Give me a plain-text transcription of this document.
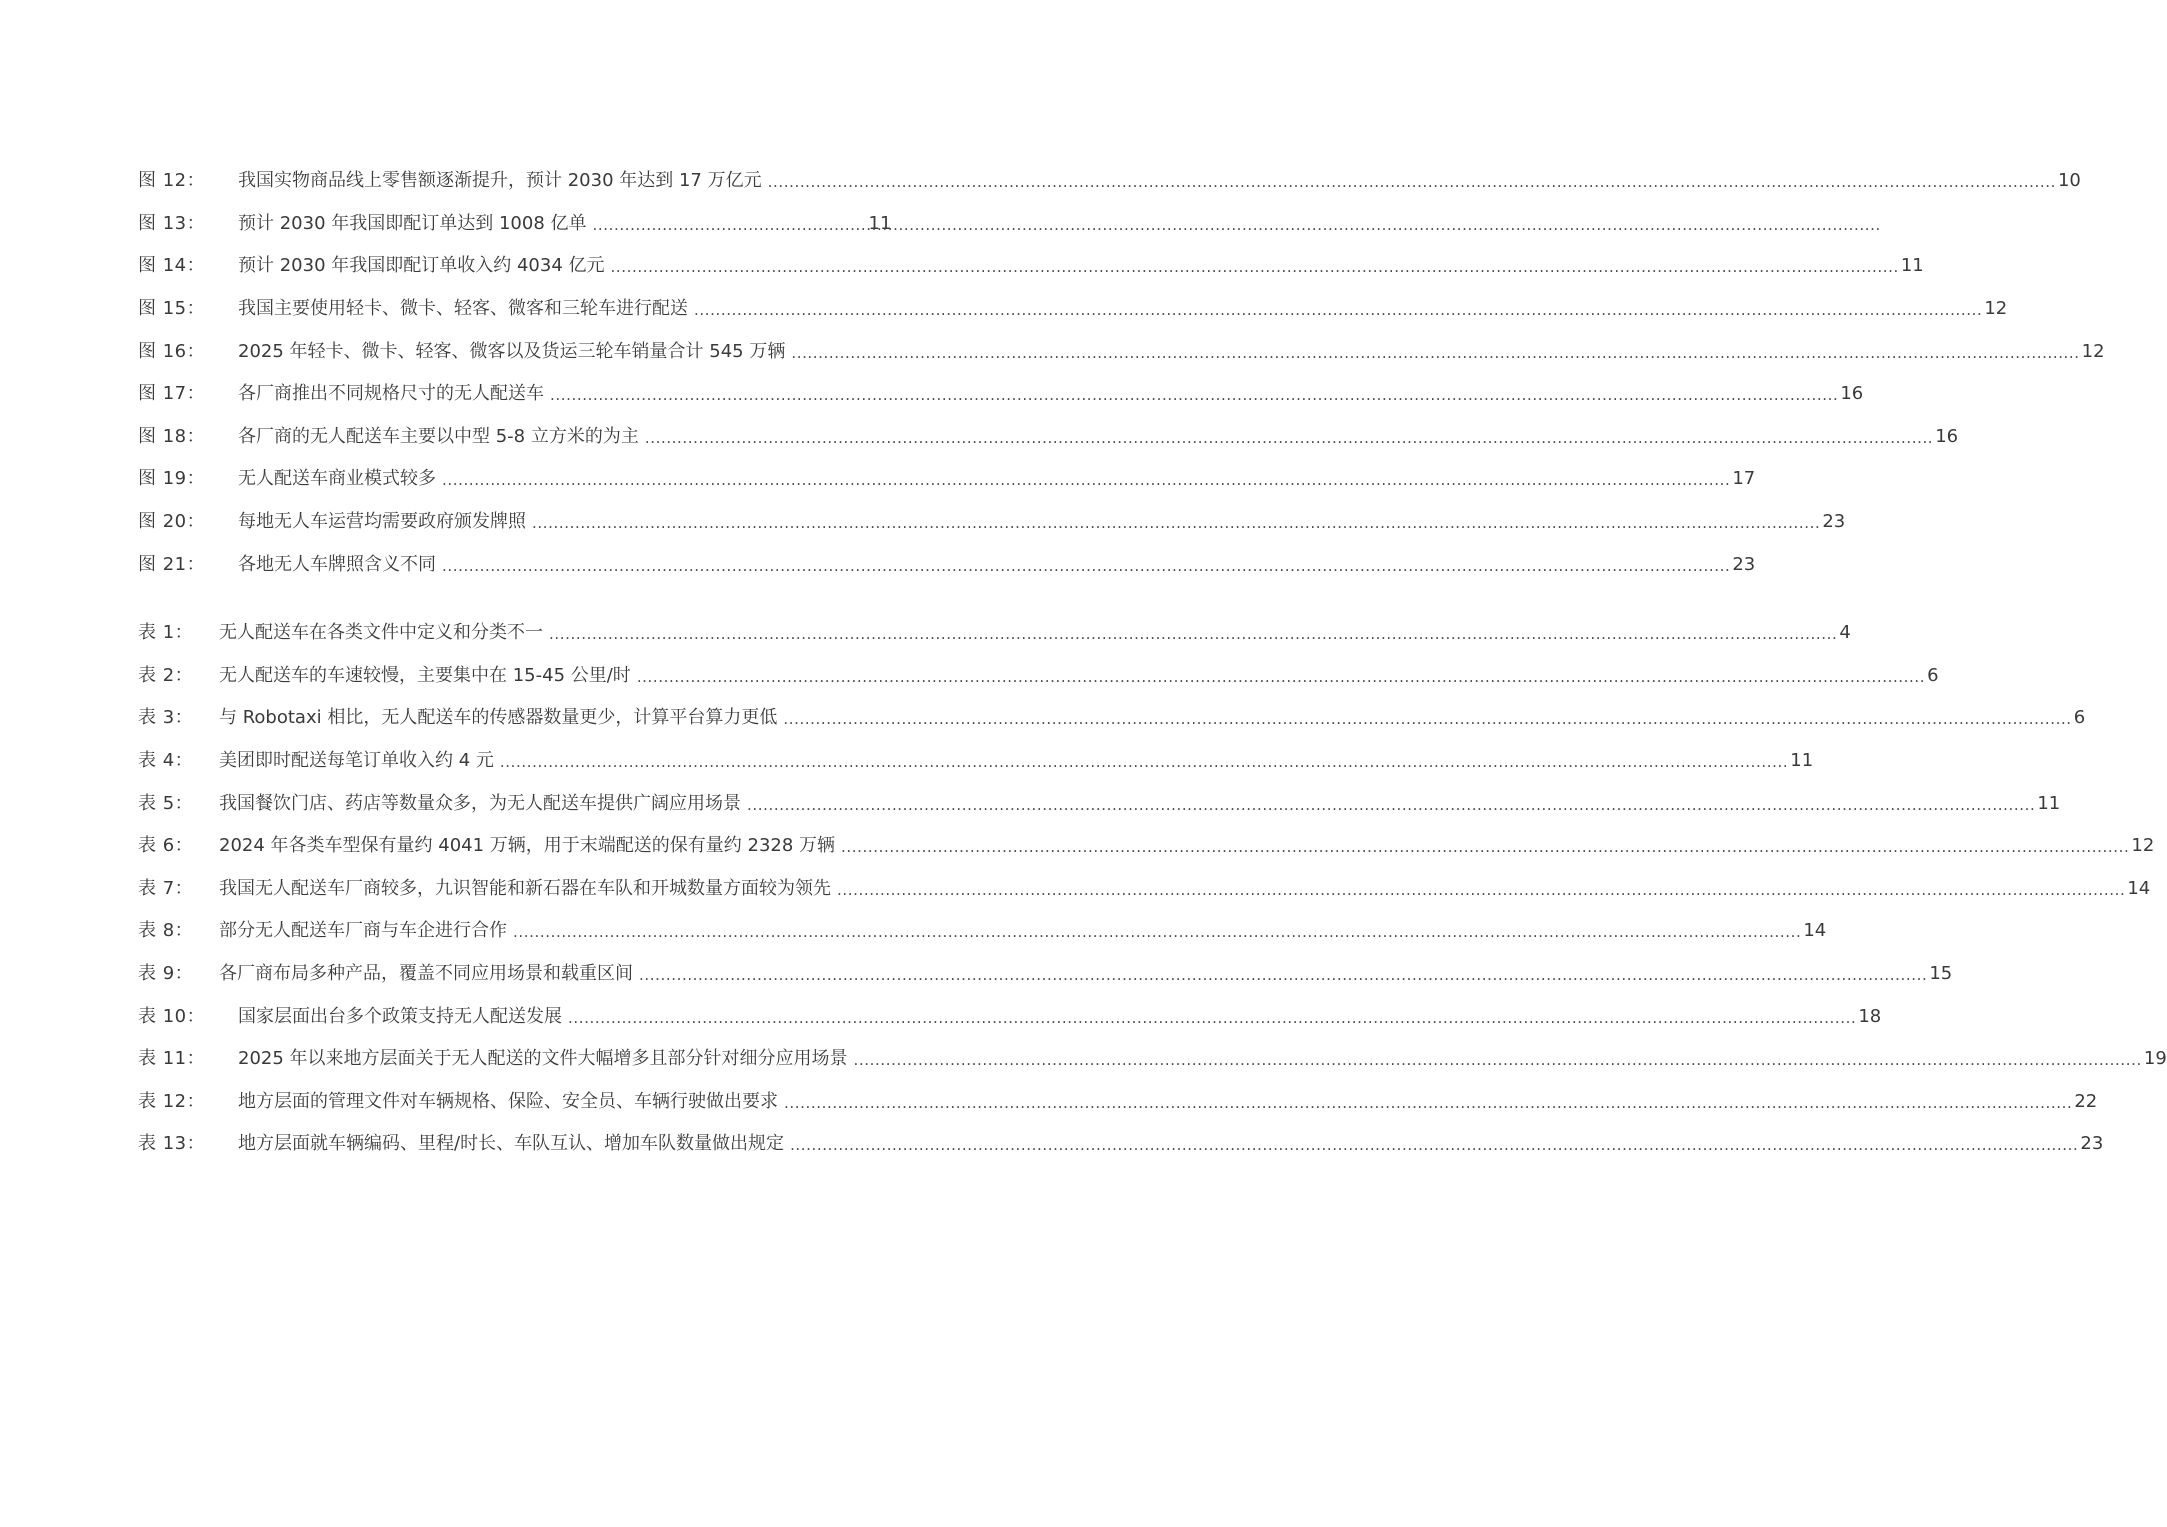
图 12：	我国实物商品线上零售额逐渐提升，预计 2030 年达到 17 万亿元 .....	10
图 13：	预计 2030 年我国即配订单达到 1008 亿单 .....	11
图 14：	预计 2030 年我国即配订单收入约 4034 亿元 .....	11
图 15：	我国主要使用轻卡、微卡、轻客、微客和三轮车进行配送 .....	12
图 16：	2025 年轻卡、微卡、轻客、微客以及货运三轮车销量合计 545 万辆 .....	12
图 17：	各厂商推出不同规格尺寸的无人配送车 .....	16
图 18：	各厂商的无人配送车主要以中型 5-8 立方米的为主 .....	16
图 19：	无人配送车商业模式较多 .....	17
图 20：	每地无人车运营均需要政府颁发牌照 .....	23
图 21：	各地无人车牌照含义不同 .....	23
表 1：	无人配送车在各类文件中定义和分类不一 .....	4
表 2：	无人配送车的车速较慢，主要集中在 15-45 公里/时 .....	6
表 3：	与 Robotaxi 相比，无人配送车的传感器数量更少，计算平台算力更低 .....	6
表 4：	美团即时配送每笔订单收入约 4 元 .....	11
表 5：	我国餐饮门店、药店等数量众多，为无人配送车提供广阔应用场景 .....	11
表 6：	2024 年各类车型保有量约 4041 万辆，用于末端配送的保有量约 2328 万辆 .....	12
表 7：	我国无人配送车厂商较多，九识智能和新石器在车队和开城数量方面较为领先 .....	14
表 8：	部分无人配送车厂商与车企进行合作 .....	14
表 9：	各厂商布局多种产品，覆盖不同应用场景和载重区间 .....	15
表 10：	国家层面出台多个政策支持无人配送发展 .....	18
表 11：	2025 年以来地方层面关于无人配送的文件大幅增多且部分针对细分应用场景 .....	19
表 12：	地方层面的管理文件对车辆规格、保险、安全员、车辆行驶做出要求 .....	22
表 13：	地方层面就车辆编码、里程/时长、车队互认、增加车队数量做出规定 .....	23
